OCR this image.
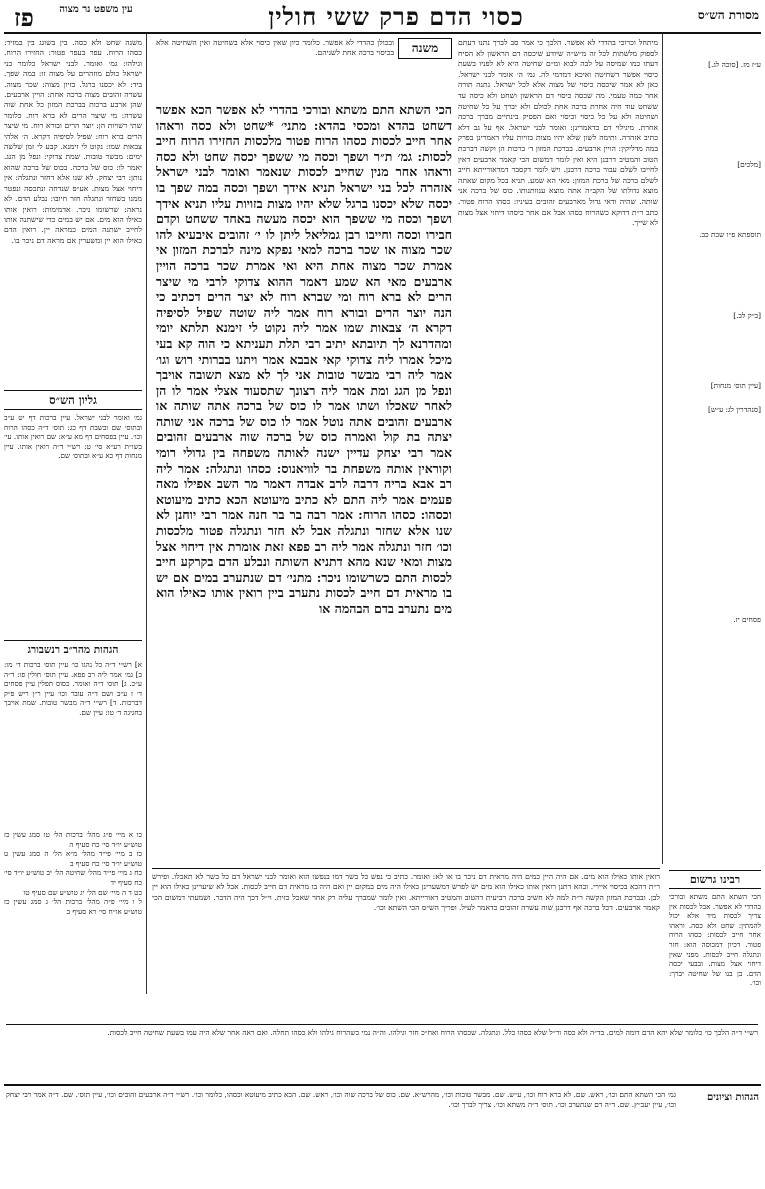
מסורת הש״ס
כסוי הדם פרק ששי חולין
פז	עין משפט נר מצוה
ע״ז מז. [סוכה לג.]
[מלכים]
תוספתא פ״ו שבת כב.
[ב״ק לב.]
[עיין תוס׳ מנחות]
[סנהדרין לג: ע״ש]
פסחים יז.
מיתחל וכרוכי בהדדי לא אפשר. הלכך כי אמר סב לברך נתנו דעתם לספוק מלשתות לכל זה מ״ש״ה שיודע שיכסה דם הראשון לא הסיח דעתו כמו שמיסה על לבה לבוא ומ״ם שחיטה היא לא לפניו בשעת כיסוי אפשר דשחיטה ואיכא דמדמי לה. גמ׳ ה׳ אומר לבני ישראל. כאן לא אמר שיכסה כיסוי של מצוה אלא לכל ישראל. נתנה תורה אחר כמה טעמי. מה שכסה כיסוי דם הראשון ושחט ולא כיסה עד ששחט עוד חיה אחרת ברכה אחת לכולם ולא יברך על כל שחיטה ושחיטה ולא על כל כיסוי וכיסוי ואם הפסיק בינתיים מברך ברכה אחרת. מיגילוי דם כדאמרינן: ואומר לבני ישראל. אף על גב דלא כתיב אזהרה. ותימה לשון שלא יהיו מצות בזויות עליו דאמרינן בפרק במה מדליקין: הויין ארבעים. בברכת המזון ד׳ ברכות הן וקשה דברכת הטוב והמטיב דרבנן היא ואין לומר דמשום הכי קאמר ארבעים דאין לחייבו לשלם עבור ברכה דרבנן. ויש לומר דקסבר דמדאורייתא חייב לשלם ברכה של ברכת המזון: מאי הא שמע. תניא בכל מקום שאתה מוצא גדולתו של הקב״ה אתה מוצא ענוותנותו. כוס של ברכה אני שותה. שהיה ודאי גדול מארבעים זהובים בעיניו: כסהו הרוח פטור. כתב ר״ת דדוקא כשהרוח כסהו אבל אם אחר כיסהו דיחוי אצל מצות לא שייך.
משנה
ובכולן כהדדי לא אפשר. כלומר כיון שאין כיסוי אלא בשחיטה ואין השחיטה אלא בכיסוי ברכה אחת לשניהם.
הכי השתא התם משתא ובורכי בהדרי לא אפשר הכא אפשר דשחט בהדא ומכסי בהדא: מתני׳ *שחט ולא כסה וראהו אחר חייב לכסות כסהו הרוח פטור מלכסות החזירו הרוח חייב לכסות: גמ׳ ת״ר ושפך וכסה מי ששפך יכסה שחט ולא כסה וראהו אחר מנין שחייב לכסות שנאמר ואומר לבני ישראל אזהרה לכל בני ישראל תניא אידך ושפך וכסה במה שפך בו יכסה שלא יכסנו ברגל שלא יהיו מצות בזויות עליו תניא אידך ושפך וכסה מי ששפך הוא יכסה מעשה באחד ששחט וקדם חבירו וכסה וחייבו רבן גמליאל ליתן לו י׳ זהובים איבעיא להו שכר מצוה או שכר ברכה למאי נפקא מינה לברכת המזון אי אמרת שכר מצוה אחת היא ואי אמרת שכר ברכה הויין ארבעים מאי הא שמע דאמר ההוא צדוקי לרבי מי שיצר הרים לא ברא רוח ומי שברא רוח לא יצר הרים דכתיב כי הנה יוצר הרים ובורא רוח אמר ליה שוטה שפיל לסיפיה דקרא ה׳ צבאות שמו אמר ליה נקוט לי זימנא תלתא יומי ומהדרנא לך תיובתא יתיב רבי תלת תעניתא כי הוה קא בעי מיכל אמרו ליה צדוקי קאי אבבא אמר ויתנו בברותי רוש וגו׳ אמר ליה רבי מבשר טובות אני לך לא מצא תשובה אויבך ונפל מן הגג ומת אמר ליה רצונך שתסעוד אצלי אמר לו הן לאחר שאכלו ושתו אמר לו כוס של ברכה אתה שותה או ארבעים זהובים אתה נוטל אמר לו כוס של ברכה אני שותה יצתה בת קול ואמרה כוס של ברכה שוה ארבעים זהובים אמר רבי יצחק עדיין ישנה לאותה משפחה בין גדולי רומי וקוראין אותה משפחת בר לוויאנוס: כסהו ונתגלה: אמר ליה רב אבא בריה דרבה לרב אבדה דאמר מר השב אפילו מאה פעמים אמר ליה התם לא כתיב מיעוטא הכא כתיב מיעוטא וכסהו: כסהו הרוח: אמר רבה בר בר חנה אמר רבי יוחנן לא שנו אלא שחזר ונתגלה אבל לא חזר ונתגלה פטור מלכסות וכו׳ חזר ונתגלה אמר ליה רב פפא זאת אומרת אין דיחוי אצל מצות ומאי שנא מהא דתניא השותה ונבלע הדם בקרקע חייב לכסות התם כשרשומו ניכר: מתני׳ דם שנתערב במים אם יש בו מראית דם חייב לכסות נתערב ביין רואין אותו כאילו הוא מים נתערב בדם הבהמה או
משנה שחט ולא כסה. בין בשוגג בין במזיד: כסהו הרוח. עפר בעפר פטור: החזירו הרוח. וגילהו: גמ׳ ואומר. לבני ישראל כלומר בני ישראל כולם מוזהרים על מצוה זו: במה שפך. ביד: לא יכסנו ברגל. בזיון מצוה: שכר מצוה. עשרה זהובים מצוה ברכה אחת: הויין ארבעים. שהן ארבע ברכות בברכת המזון כל אחת שוה עשרה: מי שיצר הרים לא ברא רוח. כלומר שתי רשויות הן: יוצר הרים ובורא רוח. מי שיצר הרים ברא רוח: שפיל לסיפיה דקרא. ה׳ אלהי צבאות שמו: נקוט לי זימנא. קבע לי זמן שלשה ימים: מבשר טובות. שמת צדוקי: ונפל מן הגג. יאמר לו: כוס של ברכה. בכוס של ברכה שהוא נותן: רבי יצחק. לא שנו אלא דחזר ונתגלה: אין דיחוי אצל מצות. אע״פ שנדחה ונתכסה ונפטר ממנו כשחזר ונתגלה חזר חיובו: נבלע הדם. לא נראה: שרשומו ניכר. אדמימות: רואין אותו כאילו הוא מים. אם יש במים כדי שישתנה אותו לחייב ישתנה המים כמראה יין. רואין הדם כאילו הוא יין ומשערין אם מראה דם ניכר בו.
גליון הש״ס
גמ׳ ואומר לבני ישראל. עיין ברכות דף יט ע״ב ובתוס׳ שם ובשבת דף כג: תוס׳ ד״ה כסהו הרוח וכו׳. עיין בפסחים דף מא ע״א: שם רואין אותו. עי׳ בשו״ת רע״א סי׳ ט: רש״י ד״ה רואין אותו. עיין מנחות דף כא ע״א ובתוס׳ שם.
הגהות מהר״ב רנשבורג
א] רש״י ד״ה כל נהגו כו׳ עיין תוס׳ ברכות ד׳ מו: ב] גמ׳ אמר ליה רב פפא. עיין תוס׳ חולין פו: ד״ה ע״כ. ג] תוס׳ ד״ה ואומר. כסוס תפלין עיין פסחים ד׳ ז ע״ב ושם ד״ה עובר וכו׳ עיין ר״ן ריש פ״ק דברכות. ד] רש״י ד״ה מבשר טובות. שמת אויבך בחגיגה ד׳ טו: עיין שם.
כו א מיי׳ פ״ג מהל׳ ברכות הל׳ טו סמג עשין כז טוש״ע יו״ד סי׳ כח סעיף ה
כז ב מיי׳ פי״ד מהל׳ מ״א הל׳ ה סמג עשין ט טוש״ע יו״ד סי׳ כח סעיף ב
כח ג מיי׳ פי״ד מהל׳ שחיטה הל׳ יב טוש״ע יו״ד סי׳ כח סעיף יד
כט ד ה מיי׳ שם הל׳ יג טוש״ע שם סעיף טו
ל ו מיי׳ פ״ה מהל׳ ברכות הל׳ ג סמג עשין כז טוש״ע או״ח סי׳ רא סעיף ב
רבינו גרשום
הכי השתא התם משתא ובורכי בהדדי לא אפשר. אבל לכסות אין צריך לכסות מיד אלא יכול להמתין: שחט ולא כסה. וראהו אחר חייב לכסות: כסהו הרוח פטור. דכיון דמכוסה הוא: חזר ונתגלה חייב לכסות. מפני שאין דיחוי אצל מצות. ובבעי יכסה הדם. בן בנו של שחיטה יברך: וכו׳.
רואין אותו כאילו הוא מים. אם היה היין כמים היה מראית דם ניכר בו או לא: ואומר. כתיב כי נפש כל בשר דמו בנפשו הוא ואומר לבני ישראל דם כל בשר לא תאכלו. ופירש ר״ת דהכא בכיסוי איירי. ובהא דתנן רואין אותו כאילו הוא מים יש לפרש דמשערינן כאילו היה מים במקום יין ואם היה בו מראית דם חייב לכסות. אבל לא שיערינן כאילו הוא יין לבן. ובברכת המזון הקשה ר״ת למה לא חשיב ברכה רביעית דהטוב והמטיב דאורייתא. ואין לומר שמברך עליה רק אחר שאכל כזית. וי״ל דכך היה הדבר. ושמעתי דמשום הכי קאמר ארבעים. דכל ברכה אף דרבנן שוה עשרה זהובים כדאמר לעיל. ופריך הש״ס הכי השתא וכו׳.
רש״י ד״ה הלכך כו׳ כלומר שלא יהא הדם דומה למים. בד״ה ולא כסה ור״ל שלא כסהו כלל. ונתגלה. שכסהו הרוח ואח״כ חזר וגילהו. וה״ה נמי כשהרוח גילהו ולא כסהו תחלה. ואם ראה אחר שלא היה עמו בשעת שחיטה חייב לכסות.
הגהות וציונים
גמ׳ הכי השתא התם וכו׳, ראש. שם. לא ברא רוח וכו׳, ע״ש. שם. מבשר טובות וכו׳, מהרש״א. שם. כוס של ברכה שוה וכו׳, ראש. שם. הכא כתיב מיעוטא וכסהו, כלומר וכו׳. רש״י ד״ה ארבעים זהובים וכו׳, עיין תוס׳. שם. ד״ה אמר רבי יצחק וכו׳, עיין יעב״ץ. שם. ד״ה דם שנתערב וכו׳. תוס׳ ד״ה משתא וכו׳. צריך לברך וכו׳.
